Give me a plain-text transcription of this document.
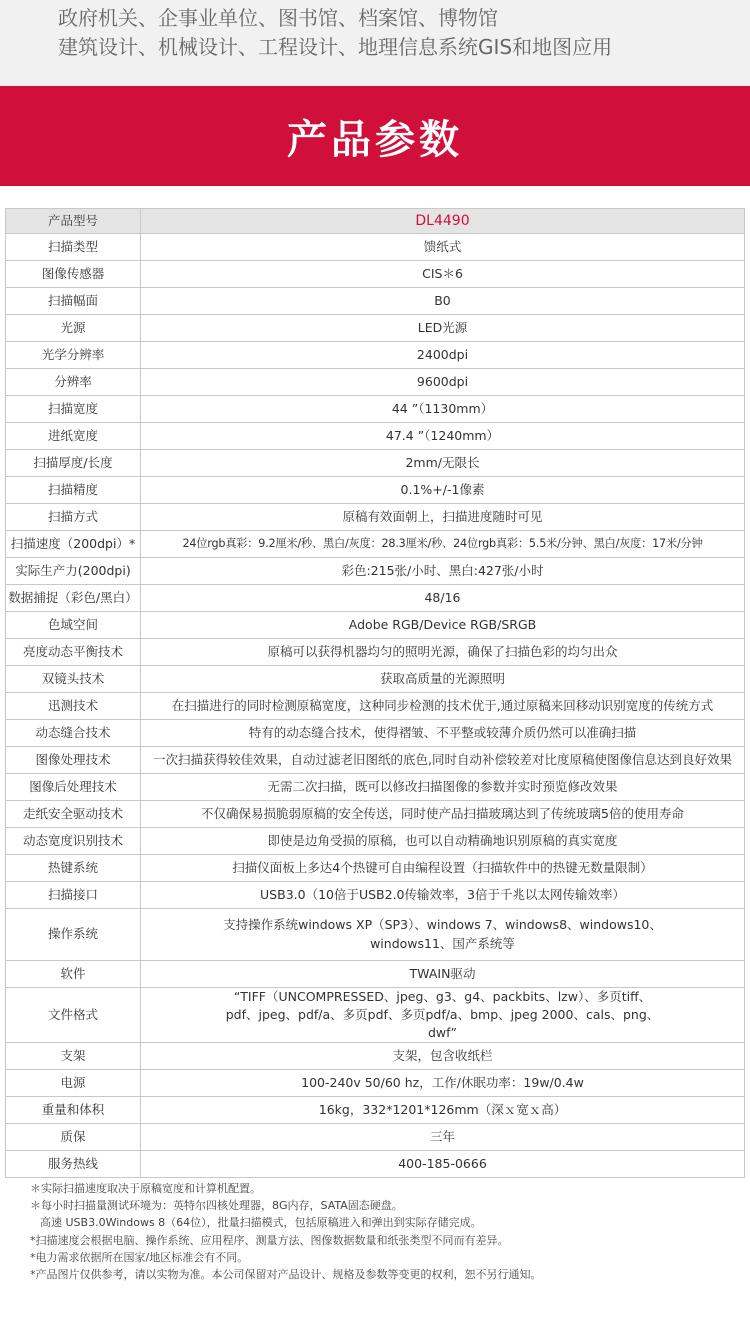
政府机关、企事业单位、图书馆、档案馆、博物馆
建筑设计、机械设计、工程设计、地理信息系统GIS和地图应用
产品参数
产品型号	DL4490
扫描类型	馈纸式
图像传感器	CIS＊6
扫描幅面	B0
光源	LED光源
光学分辨率	2400dpi
分辨率	9600dpi
扫描宽度	44 ”（1130mm）
进纸宽度	47.4 ”（1240mm）
扫描厚度/长度	2mm/无限长
扫描精度	0.1%+/-1像素
扫描方式	原稿有效面朝上，扫描进度随时可见
扫描速度（200dpi）*	24位rgb真彩：9.2厘米/秒、黑白/灰度：28.3厘米/秒、24位rgb真彩：5.5米/分钟、黑白/灰度：17米/分钟
实际生产力(200dpi)	彩色:215张/小时、黑白:427张/小时
数据捕捉（彩色/黑白）	48/16
色域空间	Adobe RGB/Device RGB/SRGB
亮度动态平衡技术	原稿可以获得机器均匀的照明光源，确保了扫描色彩的均匀出众
双镜头技术	获取高质量的光源照明
迅测技术	在扫描进行的同时检测原稿宽度，这种同步检测的技术优于,通过原稿来回移动识别宽度的传统方式
动态缝合技术	特有的动态缝合技术，使得褶皱、不平整或较薄介质仍然可以准确扫描
图像处理技术	一次扫描获得较佳效果，自动过滤老旧图纸的底色,同时自动补偿较差对比度原稿使图像信息达到良好效果
图像后处理技术	无需二次扫描，既可以修改扫描图像的参数并实时预览修改效果
走纸安全驱动技术	不仅确保易损脆弱原稿的安全传送，同时使产品扫描玻璃达到了传统玻璃5倍的使用寿命
动态宽度识别技术	即使是边角受损的原稿，也可以自动精确地识别原稿的真实宽度
热键系统	扫描仪面板上多达4个热键可自由编程设置（扫描软件中的热键无数量限制）
扫描接口	USB3.0（10倍于USB2.0传输效率，3倍于千兆以太网传输效率）
操作系统	支持操作系统windows XP（SP3）、windows 7、windows8、windows10、windows11、国产系统等

软件	TWAIN驱动
文件格式	“TIFF（UNCOMPRESSED、jpeg、g3、g4、packbits、lzw）、多页tiff、pdf、jpeg、pdf/a、多页pdf、多页pdf/a、bmp、jpeg 2000、cals、png、dwf”

支架	支架，包含收纸栏
电源	100-240v 50/60 hz，工作/休眠功率：19w/0.4w
重量和体积	16kg，332*1201*126mm（深ｘ宽ｘ高）
质保	三年
服务热线	400-185-0666
＊实际扫描速度取决于原稿宽度和计算机配置。
＊每小时扫描量测试环境为：英特尔四核处理器，8G内存，SATA固态硬盘。
高速 USB3.0Windows 8（64位），批量扫描模式，包括原稿进入和弹出到实际存储完成。
*扫描速度会根据电脑、操作系统、应用程序、测量方法、图像数据数量和纸张类型不同而有差异。
*电力需求依据所在国家/地区标准会有不同。
*产品图片仅供参考，请以实物为准。本公司保留对产品设计、规格及参数等变更的权利，恕不另行通知。
